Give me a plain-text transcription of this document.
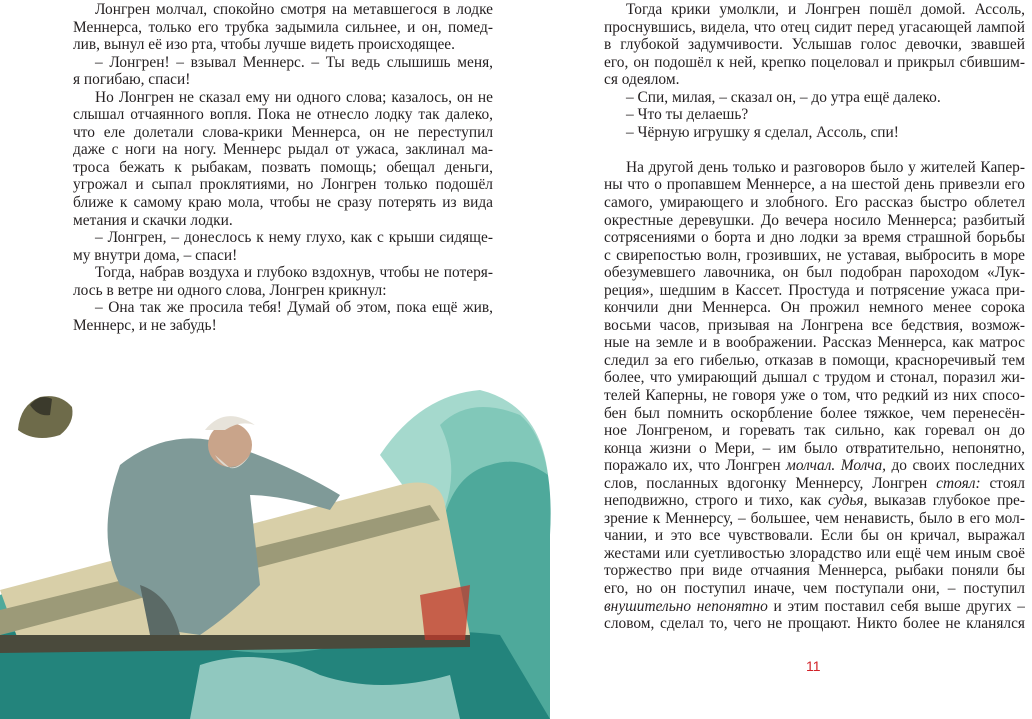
Лонгрен молчал, спокойно смотря на метавшегося в лодке
Меннерса, только его трубка задымила сильнее, и он, помед-
лив, вынул её изо рта, чтобы лучше видеть происходящее.
– Лонгрен! – взывал Меннерс. – Ты ведь слышишь меня,
я погибаю, спаси!
Но Лонгрен не сказал ему ни одного слова; казалось, он не
слышал отчаянного вопля. Пока не отнесло лодку так далеко,
что еле долетали слова-крики Меннерса, он не переступил
даже с ноги на ногу. Меннерс рыдал от ужаса, заклинал ма-
троса бежать к рыбакам, позвать помощь; обещал деньги,
угрожал и сыпал проклятиями, но Лонгрен только подошёл
ближе к самому краю мола, чтобы не сразу потерять из вида
метания и скачки лодки.
– Лонгрен, – донеслось к нему глухо, как с крыши сидяще-
му внутри дома, – спаси!
Тогда, набрав воздуха и глубоко вздохнув, чтобы не потеря-
лось в ветре ни одного слова, Лонгрен крикнул:
– Она так же просила тебя! Думай об этом, пока ещё жив,
Меннерс, и не забудь!
Тогда крики умолкли, и Лонгрен пошёл домой. Ассоль,
проснувшись, видела, что отец сидит перед угасающей лампой
в глубокой задумчивости. Услышав голос девочки, звавшей
его, он подошёл к ней, крепко поцеловал и прикрыл сбившим-
ся одеялом.
– Спи, милая, – сказал он, – до утра ещё далеко.
– Что ты делаешь?
– Чёрную игрушку я сделал, Ассоль, спи!
На другой день только и разговоров было у жителей Капер-
ны что о пропавшем Меннерсе, а на шестой день привезли его
самого, умирающего и злобного. Его рассказ быстро облетел
окрестные деревушки. До вечера носило Меннерса; разбитый
сотрясениями о борта и дно лодки за время страшной борьбы
с свирепостью волн, грозивших, не уставая, выбросить в море
обезумевшего лавочника, он был подобран пароходом «Лук-
реция», шедшим в Кассет. Простуда и потрясение ужаса при-
кончили дни Меннерса. Он прожил немного менее сорока
восьми часов, призывая на Лонгрена все бедствия, возмож-
ные на земле и в воображении. Рассказ Меннерса, как матрос
следил за его гибелью, отказав в помощи, красноречивый тем
более, что умирающий дышал с трудом и стонал, поразил жи-
телей Каперны, не говоря уже о том, что редкий из них спосо-
бен был помнить оскорбление более тяжкое, чем перенесён-
ное Лонгреном, и горевать так сильно, как горевал он до
конца жизни о Мери, – им было отвратительно, непонятно,
поражало их, что Лонгрен молчал. Молча, до своих последних
слов, посланных вдогонку Меннерсу, Лонгрен стоял: стоял
неподвижно, строго и тихо, как судья, выказав глубокое пре-
зрение к Меннерсу, – большее, чем ненависть, было в его мол-
чании, и это все чувствовали. Если бы он кричал, выражал
жестами или суетливостью злорадство или ещё чем иным своё
торжество при виде отчаяния Меннерса, рыбаки поняли бы
его, но он поступил иначе, чем поступали они, – поступил
внушительно непонятно и этим поставил себя выше других –
словом, сделал то, чего не прощают. Никто более не кланялся
11
